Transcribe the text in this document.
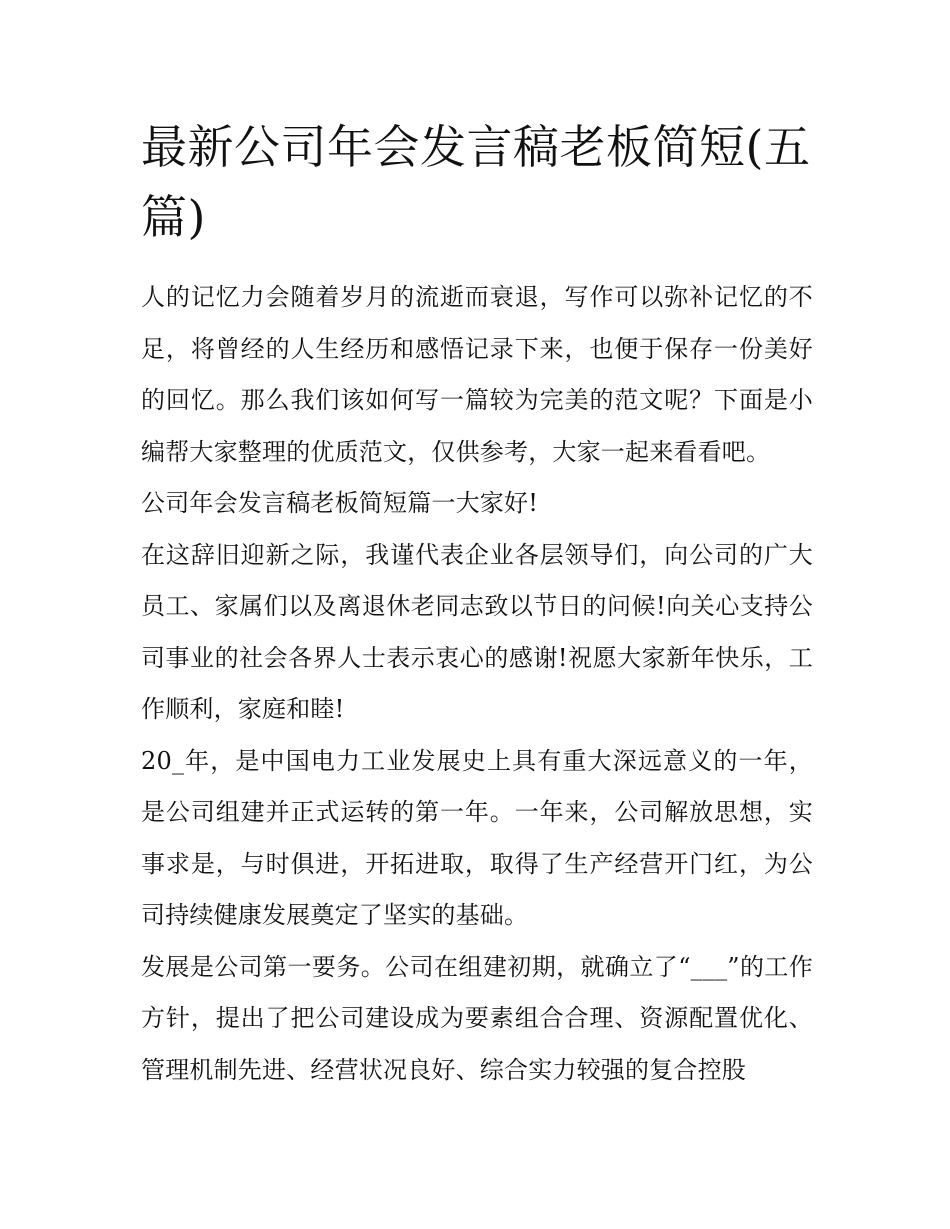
最新公司年会发言稿老板简短(五篇)

人的记忆力会随着岁月的流逝而衰退，写作可以弥补记忆的不足，将曾经的人生经历和感悟记录下来，也便于保存一份美好的回忆。那么我们该如何写一篇较为完美的范文呢？下面是小编帮大家整理的优质范文，仅供参考，大家一起来看看吧。

公司年会发言稿老板简短篇一大家好!

在这辞旧迎新之际，我谨代表企业各层领导们，向公司的广大员工、家属们以及离退休老同志致以节日的问候!向关心支持公司事业的社会各界人士表示衷心的感谢!祝愿大家新年快乐，工作顺利，家庭和睦!

20_年，是中国电力工业发展史上具有重大深远意义的一年，是公司组建并正式运转的第一年。一年来，公司解放思想，实事求是，与时俱进，开拓进取，取得了生产经营开门红，为公司持续健康发展奠定了坚实的基础。

发展是公司第一要务。公司在组建初期，就确立了“___”的工作方针，提出了把公司建设成为要素组合合理、资源配置优化、管理机制先进、经营状况良好、综合实力较强的复合控股
